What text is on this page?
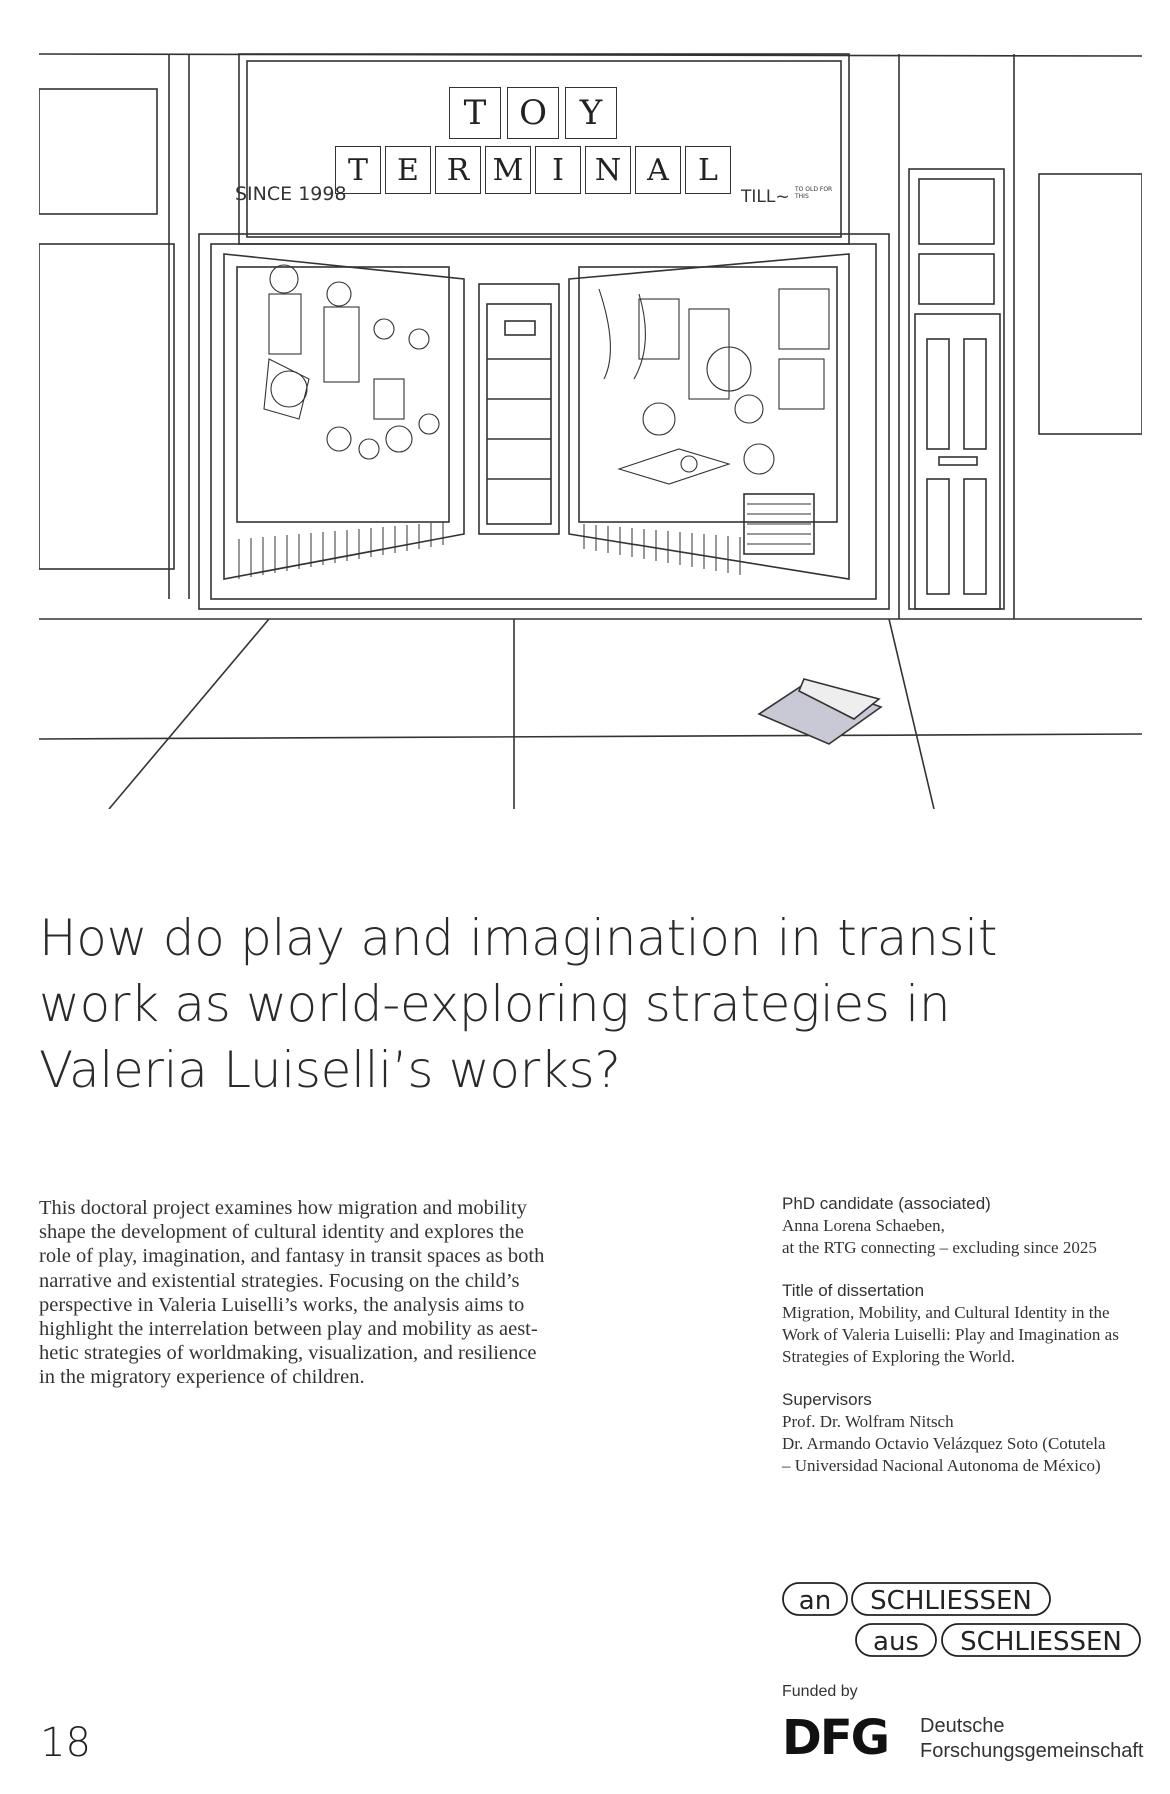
T O Y
T E R M I	N A L
SINCE 1998	TILL~ TO OLD FOR THIS
How do play and imagination in transit
work as world-exploring strategies in
Valeria Luiselli’s works?
This doctoral project examines how migration and mobility
shape the development of cultural identity and explores the
role of play, imagination, and fantasy in transit spaces as both
narrative and existential strategies. Focusing on the child’s
perspective in Valeria Luiselli’s works, the analysis aims to
highlight the interrelation between play and mobility as aest-
hetic strategies of worldmaking, visualization, and resilience
in the migratory experience of children.
PhD candidate (associated)
Anna Lorena Schaeben,
at the RTG connecting – excluding since 2025
Title of dissertation
Migration, Mobility, and Cultural Identity in the
Work of Valeria Luiselli: Play and Imagination as
Strategies of Exploring the World.
Supervisors
Prof. Dr. Wolfram Nitsch
Dr. Armando Octavio Velázquez Soto (Cotutela
– Universidad Nacional Autonoma de México)
an SCHLIESSEN
aus SCHLIESSEN
Funded by
DFG Deutsche
Forschungsgemeinschaft
18
